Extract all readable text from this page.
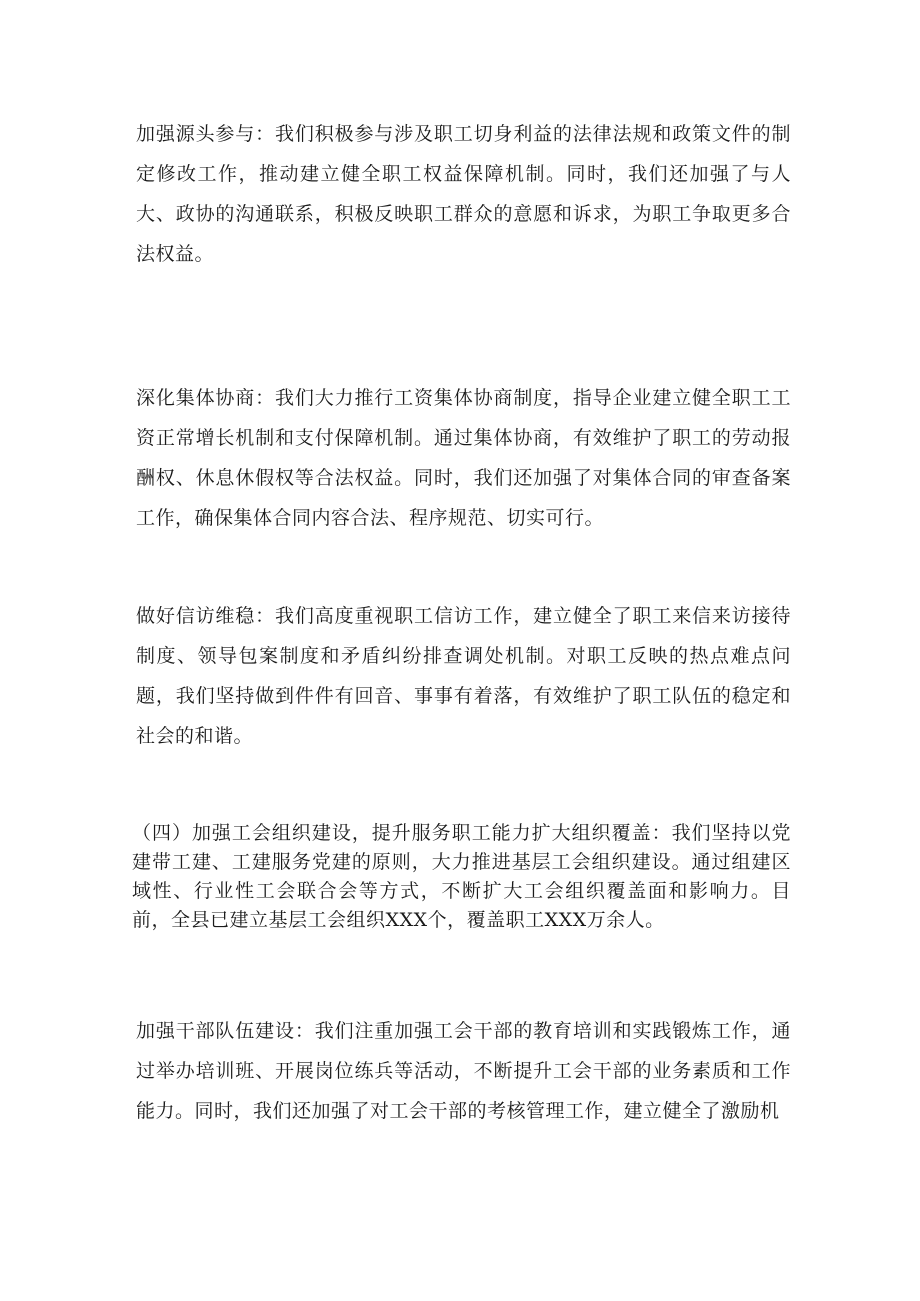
加强源头参与：我们积极参与涉及职工切身利益的法律法规和政策文件的制定修改工作，推动建立健全职工权益保障机制。同时，我们还加强了与人大、政协的沟通联系，积极反映职工群众的意愿和诉求，为职工争取更多合法权益。

深化集体协商：我们大力推行工资集体协商制度，指导企业建立健全职工工资正常增长机制和支付保障机制。通过集体协商，有效维护了职工的劳动报酬权、休息休假权等合法权益。同时，我们还加强了对集体合同的审查备案工作，确保集体合同内容合法、程序规范、切实可行。

做好信访维稳：我们高度重视职工信访工作，建立健全了职工来信来访接待制度、领导包案制度和矛盾纠纷排查调处机制。对职工反映的热点难点问题，我们坚持做到件件有回音、事事有着落，有效维护了职工队伍的稳定和社会的和谐。

（四）加强工会组织建设，提升服务职工能力扩大组织覆盖：我们坚持以党建带工建、工建服务党建的原则，大力推进基层工会组织建设。通过组建区域性、行业性工会联合会等方式，不断扩大工会组织覆盖面和影响力。目前，全县已建立基层工会组织XXX个，覆盖职工XXX万余人。

加强干部队伍建设：我们注重加强工会干部的教育培训和实践锻炼工作，通过举办培训班、开展岗位练兵等活动，不断提升工会干部的业务素质和工作能力。同时，我们还加强了对工会干部的考核管理工作，建立健全了激励机
